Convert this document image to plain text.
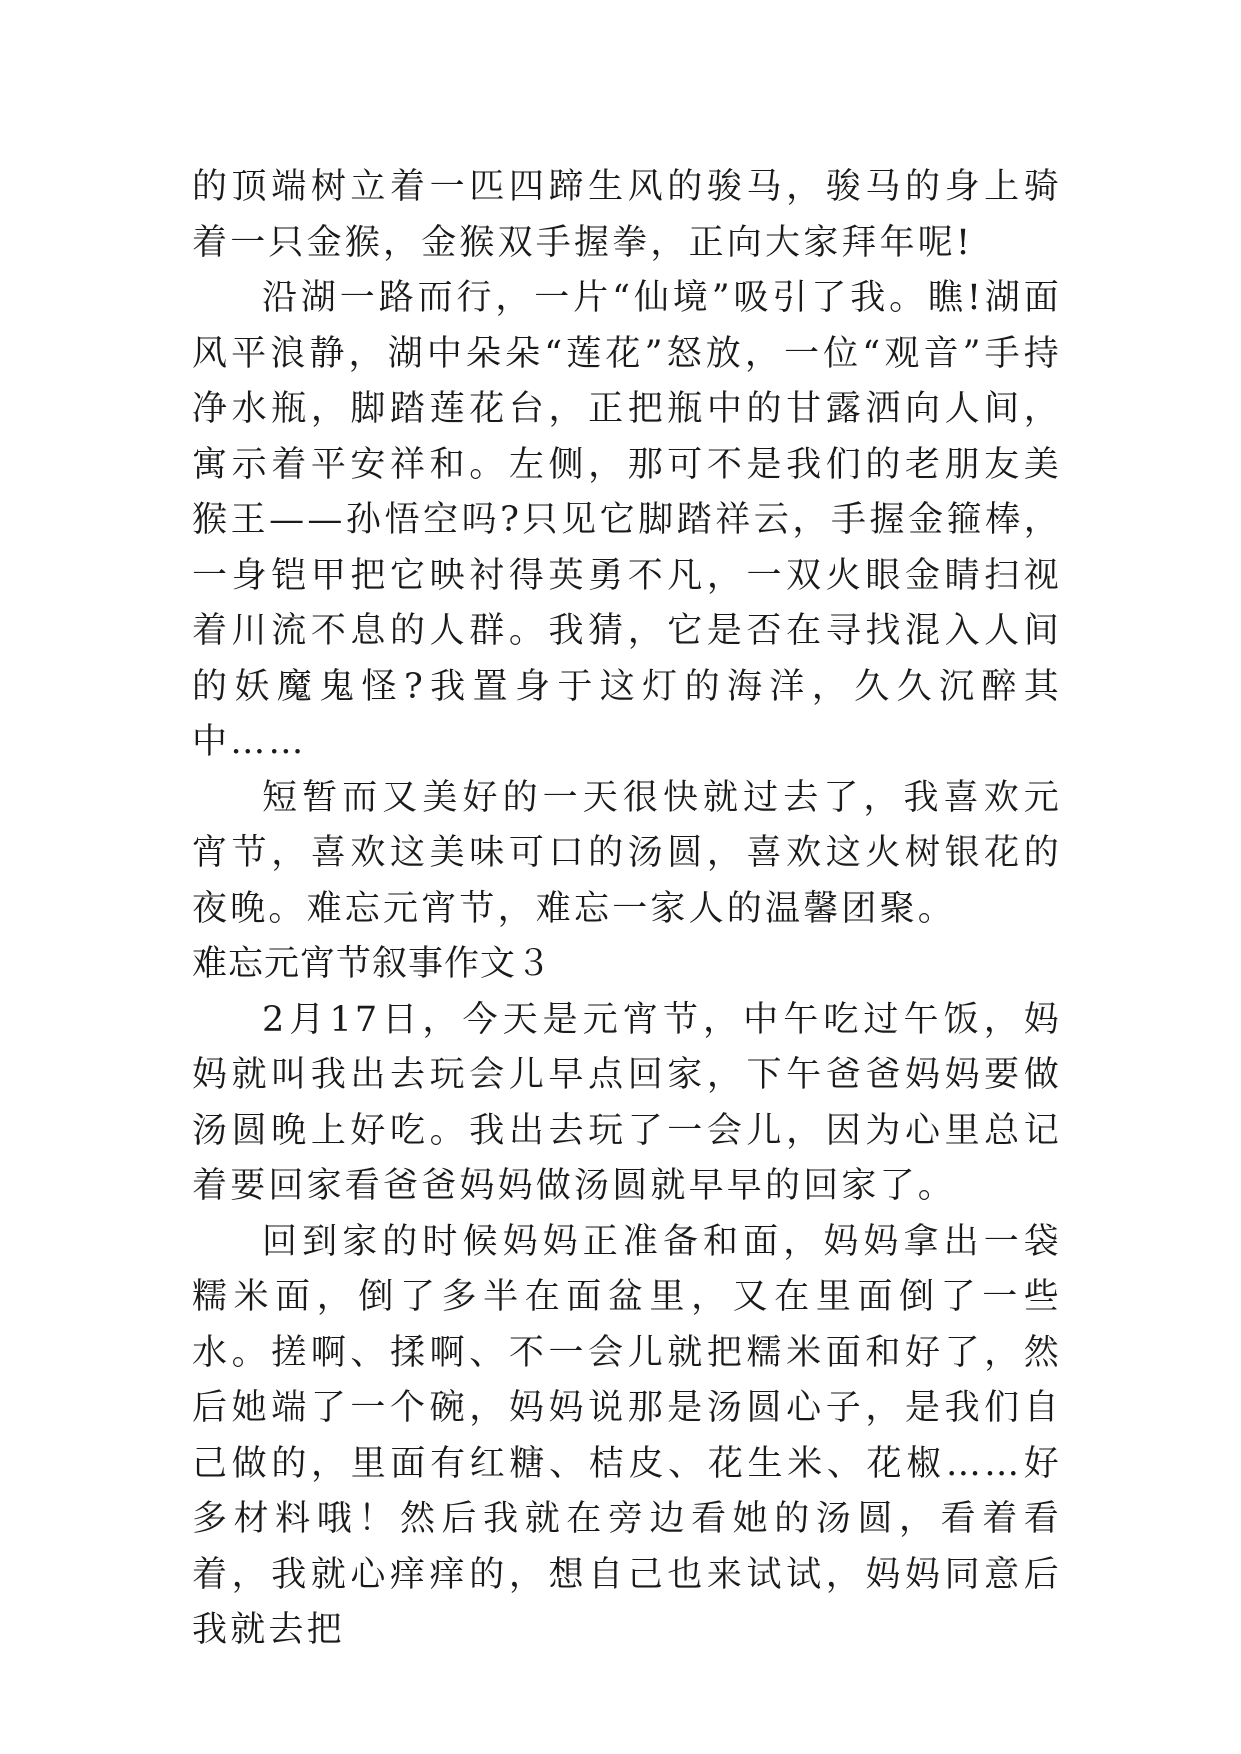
的顶端树立着一匹四蹄生风的骏马，骏马的身上骑着一只金猴，金猴双手握拳，正向大家拜年呢!

沿湖一路而行，一片“仙境”吸引了我。瞧!湖面风平浪静，湖中朵朵“莲花”怒放，一位“观音”手持净水瓶，脚踏莲花台，正把瓶中的甘露洒向人间，寓示着平安祥和。左侧，那可不是我们的老朋友美猴王——孙悟空吗?只见它脚踏祥云，手握金箍棒，一身铠甲把它映衬得英勇不凡，一双火眼金睛扫视着川流不息的人群。我猜，它是否在寻找混入人间的妖魔鬼怪?我置身于这灯的海洋，久久沉醉其中……

短暂而又美好的一天很快就过去了，我喜欢元宵节，喜欢这美味可口的汤圆，喜欢这火树银花的夜晚。难忘元宵节，难忘一家人的温馨团聚。

难忘元宵节叙事作文３

2月17日，今天是元宵节，中午吃过午饭，妈妈就叫我出去玩会儿早点回家，下午爸爸妈妈要做汤圆晚上好吃。我出去玩了一会儿，因为心里总记着要回家看爸爸妈妈做汤圆就早早的回家了。

回到家的时候妈妈正准备和面，妈妈拿出一袋糯米面，倒了多半在面盆里，又在里面倒了一些水。搓啊、揉啊、不一会儿就把糯米面和好了，然后她端了一个碗，妈妈说那是汤圆心子，是我们自己做的，里面有红糖、桔皮、花生米、花椒……好多材料哦！然后我就在旁边看她的汤圆，看着看着，我就心痒痒的，想自己也来试试，妈妈同意后我就去把
